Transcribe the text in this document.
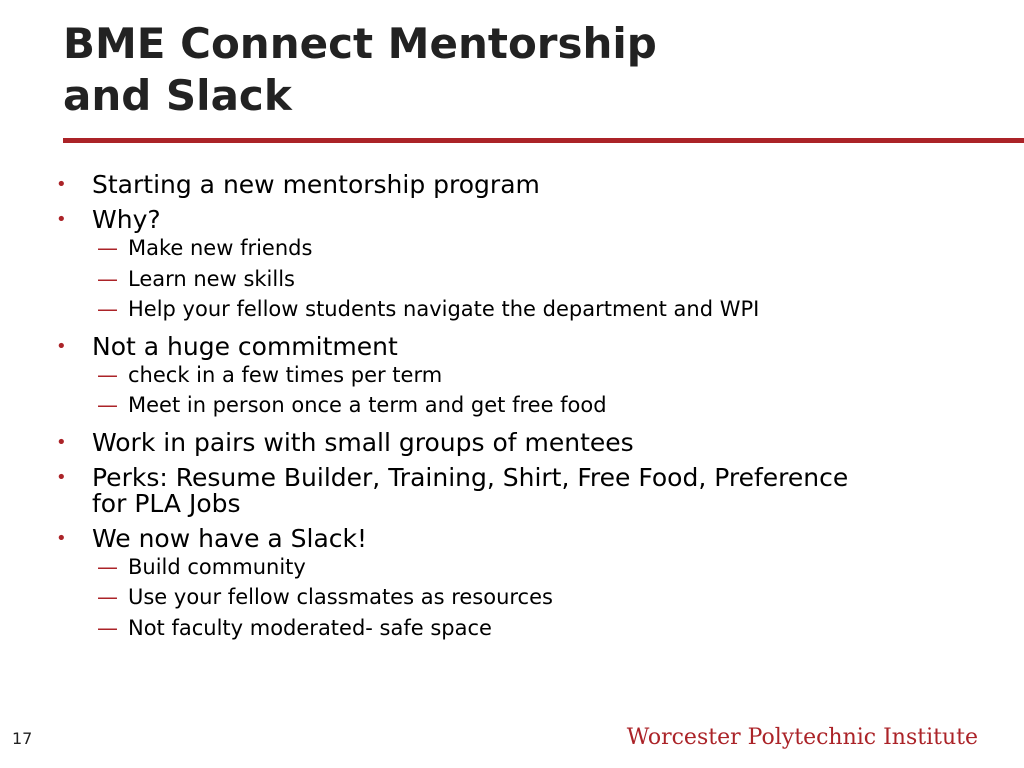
BME Connect Mentorship
and Slack
• Starting a new mentorship program
• Why?
— Make new friends
— Learn new skills
— Help your fellow students navigate the department and WPI
• Not a huge commitment
— check in a few times per term
— Meet in person once a term and get free food
• Work in pairs with small groups of mentees
• Perks: Resume Builder, Training, Shirt, Free Food, Preference for PLA Jobs
• We now have a Slack!
— Build community
— Use your fellow classmates as resources
— Not faculty moderated- safe space
17	Worcester Polytechnic Institute
